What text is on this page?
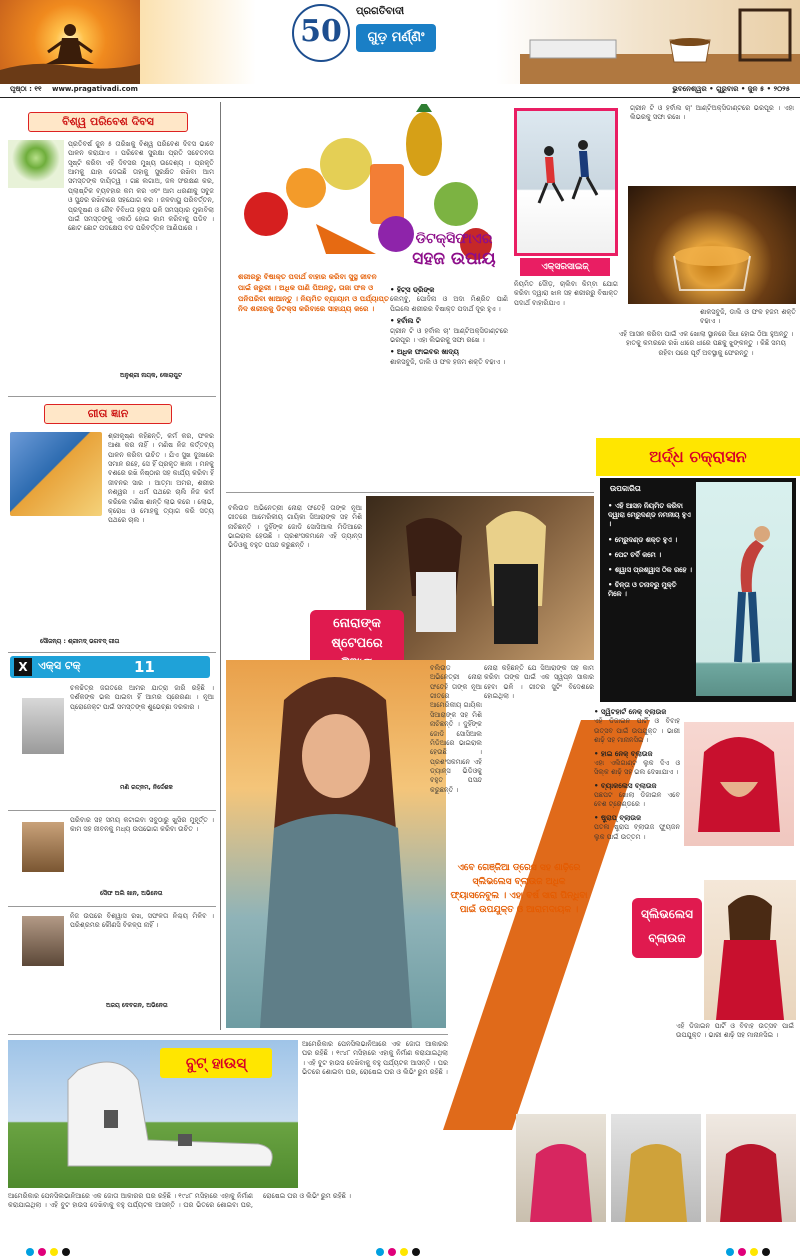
50
ପ୍ରଗତିବାଦୀ
ଗୁଡ଼ ମର୍ଣ୍ଣିଂ
ପୃଷ୍ଠା : ୧୧ www.pragativadi.com	ଭୁବନେଶ୍ୱର • ଗୁରୁବାର • ଜୁନ ୫ • ୨୦୨୫
ବିଶ୍ୱ ପରିବେଶ ଦିବସ
ପ୍ରତିବର୍ଷ ଜୁନ ୫ ତାରିଖକୁ ବିଶ୍ୱ ପରିବେଶ ଦିବସ ଭାବେ ପାଳନ କରାଯାଏ । ପରିବେଶ ସୁରକ୍ଷା ପ୍ରତି ସଚେତନତା ସୃଷ୍ଟି କରିବା ଏହି ଦିବସର ମୁଖ୍ୟ ଉଦ୍ଦେଶ୍ୟ । ପ୍ରକୃତି ଆମକୁ ଯାହା ଦେଇଛି ତାହାକୁ ସୁରକ୍ଷିତ ରଖିବା ଆମ ସମସ୍ତଙ୍କ ଦାୟିତ୍ୱ । ଗଛ ଲଗାଅ, ଜଳ ସଂରକ୍ଷଣ କର, ପ୍ଲାଷ୍ଟିକ ବ୍ୟବହାର କମ କର ଏବଂ ଆମ ଧରଣୀକୁ ସବୁଜ ଓ ସୁନ୍ଦର ରଖିବାରେ ସହଯୋଗ କର । ଜଳବାୟୁ ପରିବର୍ତ୍ତନ, ପ୍ରଦୂଷଣ ଓ ଜୈବ ବିବିଧତା ହ୍ରାସ ଭଳି ସମସ୍ୟାର ମୁକାବିଲା ପାଇଁ ସମସ୍ତଙ୍କୁ ଏକାଠି ହୋଇ କାମ କରିବାକୁ ପଡିବ । ଛୋଟ ଛୋଟ ପଦକ୍ଷେପ ବଡ ପରିବର୍ତ୍ତନ ଆଣିପାରେ ।
ଅନୁଶ୍ରୀ ନାୟକ, କୋରାପୁଟ
ଗୀତା ଜ୍ଞାନ
ଶ୍ରୀକୃଷ୍ଣ କହିଛନ୍ତି, କର୍ମ କର, ଫଳର ଆଶା କର ନାହିଁ । ମଣିଷ ନିଜ କର୍ତ୍ତବ୍ୟ ପାଳନ କରିବା ଉଚିତ । ଯିଏ ସୁଖ ଦୁଃଖରେ ସମାନ ରହେ, ସେ ହିଁ ପ୍ରକୃତ ଜ୍ଞାନୀ । ମନକୁ ବଶରେ ରଖି ନିଷ୍ଠାର ସହ କାର୍ଯ୍ୟ କରିବା ହିଁ ଜୀବନର ସାର । ଆତ୍ମା ଅମର, ଶରୀର ନଶ୍ୱର । ଧର୍ମ ପଥରେ ଚାଲି ନିଜ କର୍ମ କରିଲେ ମଣିଷ ଶାନ୍ତି ଲାଭ କରେ । ଲୋଭ, କ୍ରୋଧ ଓ ମୋହକୁ ତ୍ୟାଗ କରି ସତ୍ୟ ପଥରେ ଚାଲ ।
ସୌଜନ୍ୟ : ଶ୍ରୀମଦ୍ ଭଗବଦ୍ ଗୀତା
X ଏକ୍ସ ଟକ୍	11
ଚଳଚ୍ଚିତ୍ର ଜଗତରେ ଆମର ଯାତ୍ରା ଜାରି ରହିଛି । ଦର୍ଶକଙ୍କ ଭଲ ପାଇବା ହିଁ ଆମର ପ୍ରେରଣା । ନୂଆ ପ୍ରୋଜେକ୍ଟ ପାଇଁ ସମସ୍ତଙ୍କ ଶୁଭେଚ୍ଛା ଦରକାର ।
ମଣି ରତ୍ନମ, ନିର୍ଦ୍ଦେଶକ
ପରିବାର ସହ ସମୟ କଟାଇବା ସବୁଠାରୁ ଖୁସିର ମୁହୂର୍ତ୍ତ । କାମ ସହ ଜୀବନକୁ ମଧ୍ୟ ଉପଭୋଗ କରିବା ଉଚିତ ।
ସୈଫ ଅଲି ଖାନ, ଅଭିନେତା
ନିଜ ଉପରେ ବିଶ୍ୱାସ ରଖ, ସଫଳତା ନିଶ୍ଚୟ ମିଳିବ । ପରିଶ୍ରମର କୌଣସି ବିକଳ୍ପ ନାହିଁ ।
ଅଜୟ ଦେବଗନ, ଅଭିନେତା
ଡିଟକ୍ସିଫାଏର
ସହଜ ଉପାୟ
ଶରୀରରୁ ବିଷାକ୍ତ ପଦାର୍ଥ ବାହାର କରିବା ସୁସ୍ଥ ଜୀବନ ପାଇଁ ଜରୁରୀ । ଅଧିକ ପାଣି ପିଅନ୍ତୁ, ତାଜା ଫଳ ଓ ପନିପରିବା ଖାଆନ୍ତୁ । ନିୟମିତ ବ୍ୟାୟାମ ଓ ପର୍ଯ୍ୟାପ୍ତ ନିଦ ଶରୀରକୁ ଡିଟକ୍ସ କରିବାରେ ସାହାଯ୍ୟ କରେ ।
• ହିଟ୍ସ ଡ୍ରିଙ୍କ
ଲେମ୍ବୁ, ପୋଦିନା ଓ ଅଦା ମିଶ୍ରିତ ପାଣି ପିଇଲେ ଶରୀରର ବିଷାକ୍ତ ପଦାର୍ଥ ଦୂର ହୁଏ ।
• ହର୍ବାଲ ଟି
ଗ୍ରୀନ ଟି ଓ ହର୍ବାଲ ଚା' ଆଣ୍ଟିଅକ୍ସିଡାଣ୍ଟରେ ଭରପୂର । ଏହା ଲିଭରକୁ ସଫା ରଖେ ।
• ଅଧିକ ଫାଇବର ଖାଦ୍ୟ
ଶାକସବୁଜି, ଡାଲି ଓ ଫଳ ହଜମ ଶକ୍ତି ବଢାଏ ।
ଏକ୍ସରସାଇଜ୍
ନିୟମିତ ଦୌଡ଼, ଚାଲିବା କିମ୍ବା ଯୋଗ କରିବା ଦ୍ୱାରା ଝାଳ ସହ ଶରୀରରୁ ବିଷାକ୍ତ ପଦାର୍ଥ ବାହାରିଯାଏ ।
ଗ୍ରୀନ ଟି ଓ ହର୍ବାଲ ଚା' ଆଣ୍ଟିଅକ୍ସିଡାଣ୍ଟରେ ଭରପୂର । ଏହା ଲିଭରକୁ ସଫା ରଖେ ।
ଶାକସବୁଜି, ଡାଲି ଓ ଫଳ ହଜମ ଶକ୍ତି ବଢାଏ ।
ଏହି ଆସନ କରିବା ପାଇଁ ଏକ ଖୋଲା ସ୍ଥାନରେ ସିଧା ହୋଇ ଠିଆ ହୁଅନ୍ତୁ । ହାତକୁ କମରରେ ରଖି ଧୀରେ ଧୀରେ ପଛକୁ ଝୁଙ୍କନ୍ତୁ । କିଛି ସମୟ ରହିବା ପରେ ପୂର୍ବ ଅବସ୍ଥାକୁ ଫେରନ୍ତୁ ।
ଅର୍ଦ୍ଧ ଚକ୍ରାସନ
ଉପକାରିତା
• ଏହି ଆସନ ନିୟମିତ କରିବା ଦ୍ୱାରା ମେରୁଦଣ୍ଡ ନମନୀୟ ହୁଏ ।
• ମେରୁଦଣ୍ଡ ଶକ୍ତ ହୁଏ ।
• ପେଟ ଚର୍ବି କମେ ।
• ଶ୍ୱାସ ପ୍ରଶ୍ୱାସ ଠିକ ରହେ ।
• ଚିନ୍ତା ଓ ତନାବରୁ ମୁକ୍ତି ମିଳେ ।
ବଲିଉଡ ଅଭିନେତ୍ରୀ ନୋରା ଫତେହି ତାଙ୍କ ନୂଆ ଗୀତରେ ଆମେରିକୀୟ ଗାୟିକା ସିଆରାଙ୍କ ସହ ମିଶି ନାଚିଛନ୍ତି । ଦୁହିଁଙ୍କ ଜୋଡି ସୋସିଆଲ ମିଡିଆରେ ଭାଇରାଲ ହେଉଛି । ପ୍ରଶଂସକମାନେ ଏହି ଡ୍ୟାନ୍ସ ଭିଡିଓକୁ ବହୁତ ପସନ୍ଦ କରୁଛନ୍ତି ।
ନୋରା କହିଛନ୍ତି ଯେ ସିଆରାଙ୍କ ସହ କାମ କରିବା ତାଙ୍କ ପାଇଁ ଏକ ସ୍ୱପ୍ନ ସାକାର ହେବା ଭଳି । ଗୀତର ସୁଟିଂ ବିଦେଶରେ ହୋଇଥିଲା ।
ନୋରାଙ୍କ
ଷ୍ଟେପରେ
ବଲିଉଡ ଅଭିନେତ୍ରୀ ନୋରା ଫତେହି ତାଙ୍କ ନୂଆ ଗୀତରେ ଆମେରିକୀୟ ଗାୟିକା ସିଆରାଙ୍କ ସହ ମିଶି ନାଚିଛନ୍ତି । ଦୁହିଁଙ୍କ ଜୋଡି ସୋସିଆଲ ମିଡିଆରେ ଭାଇରାଲ ହେଉଛି । ପ୍ରଶଂସକମାନେ ଏହି ଡ୍ୟାନ୍ସ ଭିଡିଓକୁ ବହୁତ ପସନ୍ଦ କରୁଛନ୍ତି ।
ଏବେ ଗେଞ୍ଜିଆ ଡ୍ରେସ ସହ ଶାଢ଼ିରେ ସ୍ଲିଭଲେସ ବ୍ଲାଉଜ ଅଧିକ ଫ୍ୟାସନେବୁଲ । ଏହା ବର୍ଷ ସାରା ପିନ୍ଧିବା ପାଇଁ ଉପଯୁକ୍ତ ଓ ଆରାମଦାୟକ ।
• ସ୍ୱିଟହାର୍ଟ ନେକ୍ ବ୍ଲାଉଜ
ଏହି ଡିଜାଇନ ପାର୍ଟି ଓ ବିବାହ ଉତ୍ସବ ପାଇଁ ଉପଯୁକ୍ତ । ଭାରୀ ଶାଢ଼ି ସହ ମାନାନସିଇ ।
• ହାଇ ନେକ୍ ବ୍ଲାଉଜ
ଏହା ଏଲିଗାଣ୍ଟ ଲୁକ ଦିଏ ଓ ସିଲ୍କ ଶାଢ଼ି ସହ ଭଲ ଦେଖାଯାଏ ।
• ବ୍ୟାକଲେସ ବ୍ଲାଉଜ
ପଛପଟ ଖୋଲା ଡିଜାଇନ ଏବେ ବେଶ ଟ୍ରେଣ୍ଡରେ ।
• ଷ୍ଟ୍ରାପ୍ ବ୍ଲାଉଜ
ପତଳା ଷ୍ଟ୍ରାପ ବ୍ଲାଉଜ ଫ୍ୟୁଜନ ଲୁକ ପାଇଁ ଉତ୍ତମ ।
ସ୍ଲିଭଲେସ
ବ୍ଲାଉଜ
ଏହି ଡିଜାଇନ ପାର୍ଟି ଓ ବିବାହ ଉତ୍ସବ ପାଇଁ ଉପଯୁକ୍ତ । ଭାରୀ ଶାଢ଼ି ସହ ମାନାନସିଇ ।
ବୁଟ୍ ହାଉସ୍
ଆମେରିକାର ପେନସିଲଭାନିଆରେ ଏକ ଜୋତା ଆକାରର ଘର ରହିଛି । ୧୯୪୮ ମସିହାରେ ଏହାକୁ ନିର୍ମାଣ କରାଯାଇଥିଲା । ଏହି ବୁଟ ହାଉସ ଦେଖିବାକୁ ବହୁ ପର୍ଯ୍ୟଟକ ଆସନ୍ତି । ଘର ଭିତରେ ଶୋଇବା ଘର, ରୋଷେଇ ଘର ଓ ଲିଭିଂ ରୁମ ରହିଛି ।
ଆମେରିକାର ପେନସିଲଭାନିଆରେ ଏକ ଜୋତା ଆକାରର ଘର ରହିଛି । ୧୯୪୮ ମସିହାରେ ଏହାକୁ ନିର୍ମାଣ କରାଯାଇଥିଲା । ଏହି ବୁଟ ହାଉସ ଦେଖିବାକୁ ବହୁ ପର୍ଯ୍ୟଟକ ଆସନ୍ତି । ଘର ଭିତରେ ଶୋଇବା ଘର, ରୋଷେଇ ଘର ଓ ଲିଭିଂ ରୁମ ରହିଛି ।
